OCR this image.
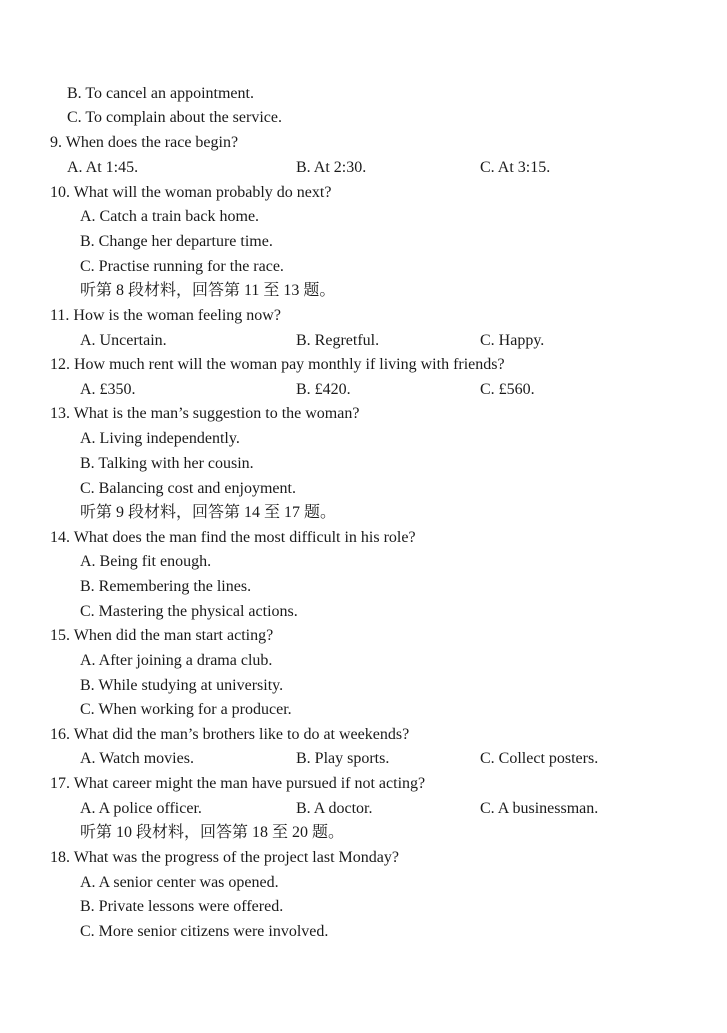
B. To cancel an appointment.
C. To complain about the service.
9. When does the race begin?
A. At 1:45.	B. At 2:30.	C. At 3:15.
10. What will the woman probably do next?
A. Catch a train back home.
B. Change her departure time.
C. Practise running for the race.
听第 8 段材料，回答第 11 至 13 题。
11. How is the woman feeling now?
A. Uncertain.	B. Regretful.	C. Happy.
12. How much rent will the woman pay monthly if living with friends?
A. £350.	B. £420.	C. £560.
13. What is the man’s suggestion to the woman?
A. Living independently.
B. Talking with her cousin.
C. Balancing cost and enjoyment.
听第 9 段材料，回答第 14 至 17 题。
14. What does the man find the most difficult in his role?
A. Being fit enough.
B. Remembering the lines.
C. Mastering the physical actions.
15. When did the man start acting?
A. After joining a drama club.
B. While studying at university.
C. When working for a producer.
16. What did the man’s brothers like to do at weekends?
A. Watch movies.	B. Play sports.	C. Collect posters.
17. What career might the man have pursued if not acting?
A. A police officer.	B. A doctor.	C. A businessman.
听第 10 段材料，回答第 18 至 20 题。
18. What was the progress of the project last Monday?
A. A senior center was opened.
B. Private lessons were offered.
C. More senior citizens were involved.
